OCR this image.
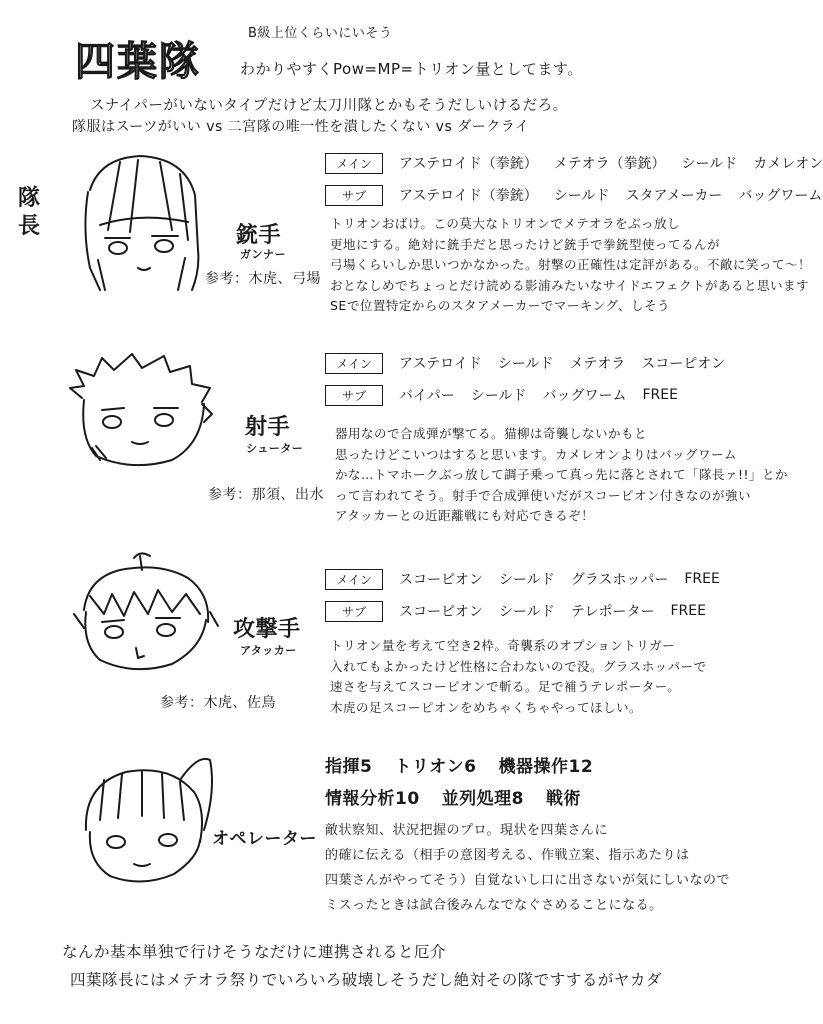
四葉隊
B級上位くらいにいそう
わかりやすくPow=MP=トリオン量としてます。
スナイパーがいないタイプだけど太刀川隊とかもそうだしいけるだろ。
隊服はスーツがいい vs 二宮隊の唯一性を潰したくない vs ダークライ
隊長	銃手
ガンナー
参考：木虎、弓場
メイン	アステロイド（拳銃） メテオラ（拳銃） シールド カメレオン
サブ	アステロイド（拳銃） シールド スタアメーカー バッグワーム
トリオンおばけ。この莫大なトリオンでメテオラをぶっ放し
更地にする。絶対に銃手だと思ったけど銃手で拳銃型使ってるんが
弓場くらいしか思いつかなかった。射撃の正確性は定評がある。不敵に笑って～！
おとなしめでちょっとだけ読める影浦みたいなサイドエフェクトがあると思います
SEで位置特定からのスタアメーカーでマーキング、しそう
射手
シューター
参考：那須、出水
メイン	アステロイド シールド メテオラ スコーピオン
サブ	バイパー シールド バッグワーム FREE
器用なので合成弾が撃てる。猫柳は奇襲しないかもと
思ったけどこいつはすると思います。カメレオンよりはバッグワーム
かな…トマホークぶっ放して調子乗って真っ先に落とされて「隊長ァ!!」とか
って言われてそう。射手で合成弾使いだがスコーピオン付きなのが強い
アタッカーとの近距離戦にも対応できるぞ！
攻撃手
アタッカー
参考：木虎、佐鳥
メイン	スコーピオン シールド グラスホッパー FREE
サブ	スコーピオン シールド テレポーター FREE
トリオン量を考えて空き2枠。奇襲系のオプショントリガー
入れてもよかったけど性格に合わないので没。グラスホッパーで
速さを与えてスコーピオンで斬る。足で補うテレポーター。
木虎の足スコーピオンをめちゃくちゃやってほしい。
オペレーター
指揮5 トリオン6 機器操作12
情報分析10 並列処理8 戦術
敵状察知、状況把握のプロ。現状を四葉さんに
的確に伝える（相手の意図考える、作戦立案、指示あたりは
四葉さんがやってそう）自覚ないし口に出さないが気にしいなので
ミスったときは試合後みんなでなぐさめることになる。
なんか基本単独で行けそうなだけに連携されると厄介
四葉隊長にはメテオラ祭りでいろいろ破壊しそうだし絶対その隊ですするがヤカダ
